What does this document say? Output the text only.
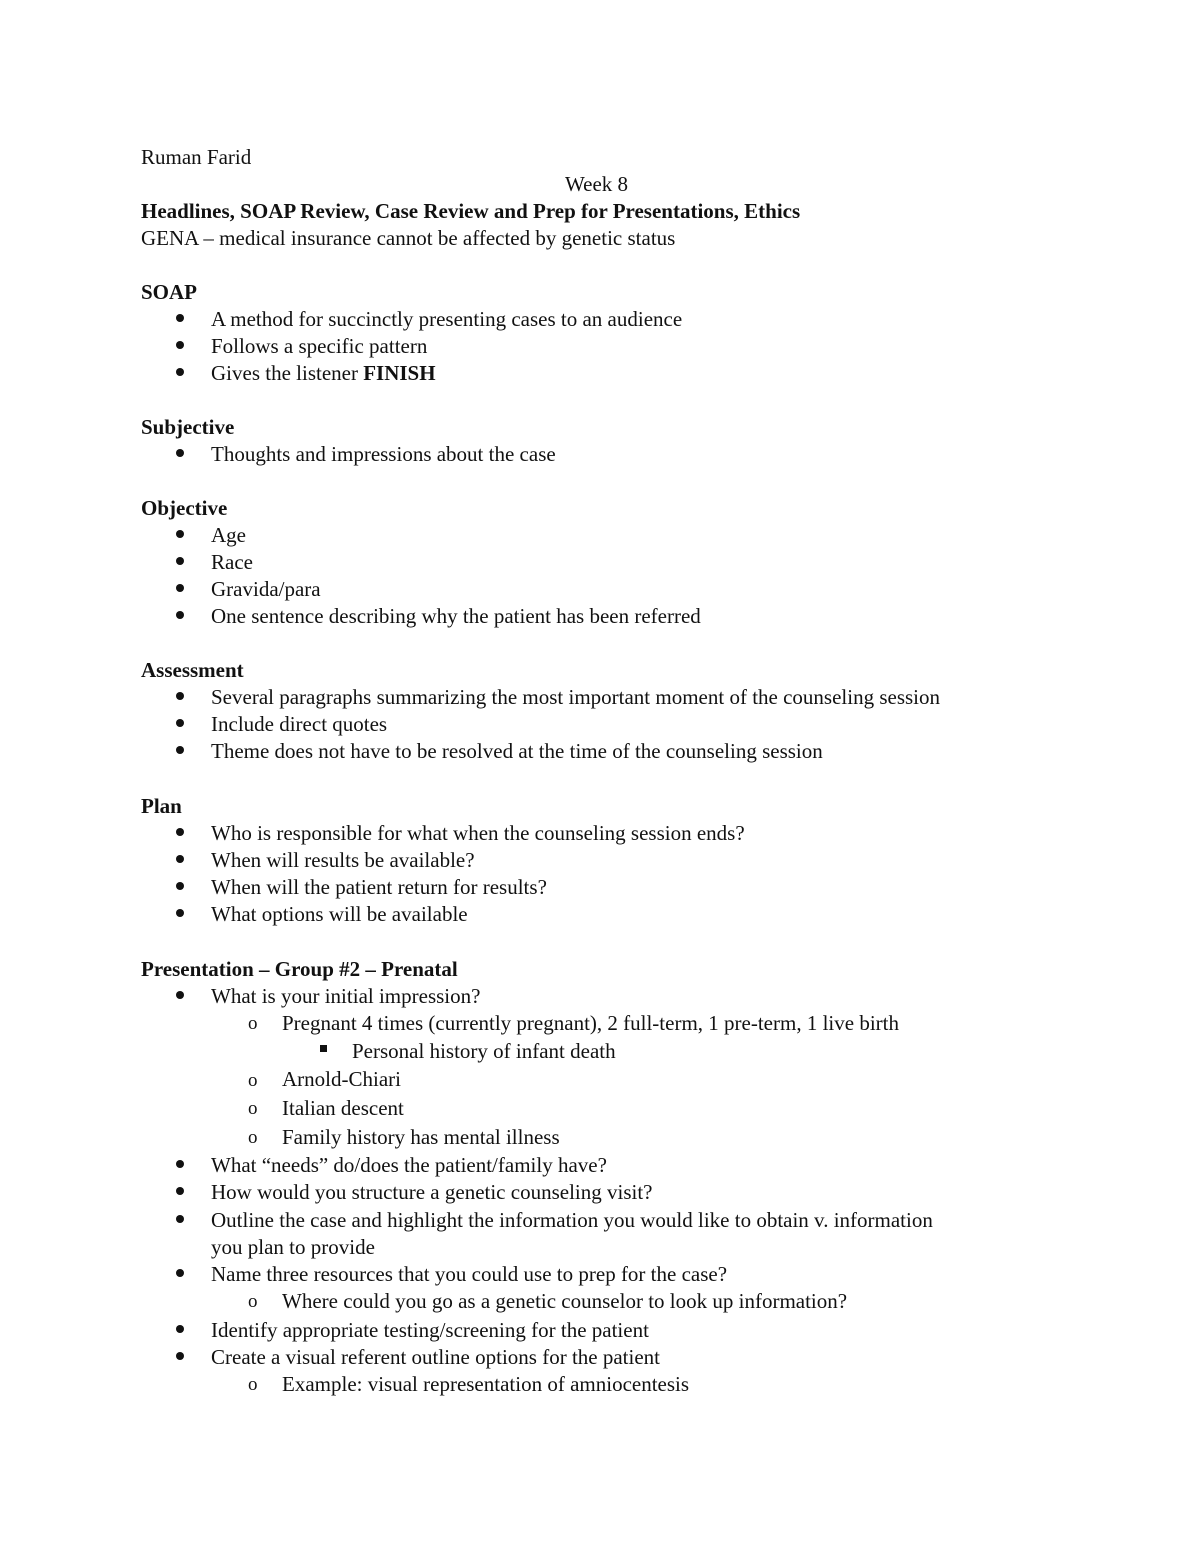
Ruman Farid
Week 8
Headlines, SOAP Review, Case Review and Prep for Presentations, Ethics
GENA – medical insurance cannot be affected by genetic status
SOAP
A method for succinctly presenting cases to an audience
Follows a specific pattern
Gives the listener FINISH
Subjective
Thoughts and impressions about the case
Objective
Age
Race
Gravida/para
One sentence describing why the patient has been referred
Assessment
Several paragraphs summarizing the most important moment of the counseling session
Include direct quotes
Theme does not have to be resolved at the time of the counseling session
Plan
Who is responsible for what when the counseling session ends?
When will results be available?
When will the patient return for results?
What options will be available
Presentation – Group #2 – Prenatal
What is your initial impression?
o Pregnant 4 times (currently pregnant), 2 full-term, 1 pre-term, 1 live birth
Personal history of infant death
o Arnold-Chiari
o Italian descent
o Family history has mental illness
What “needs” do/does the patient/family have?
How would you structure a genetic counseling visit?
Outline the case and highlight the information you would like to obtain v. information
you plan to provide
Name three resources that you could use to prep for the case?
o Where could you go as a genetic counselor to look up information?
Identify appropriate testing/screening for the patient
Create a visual referent outline options for the patient
o Example: visual representation of amniocentesis
